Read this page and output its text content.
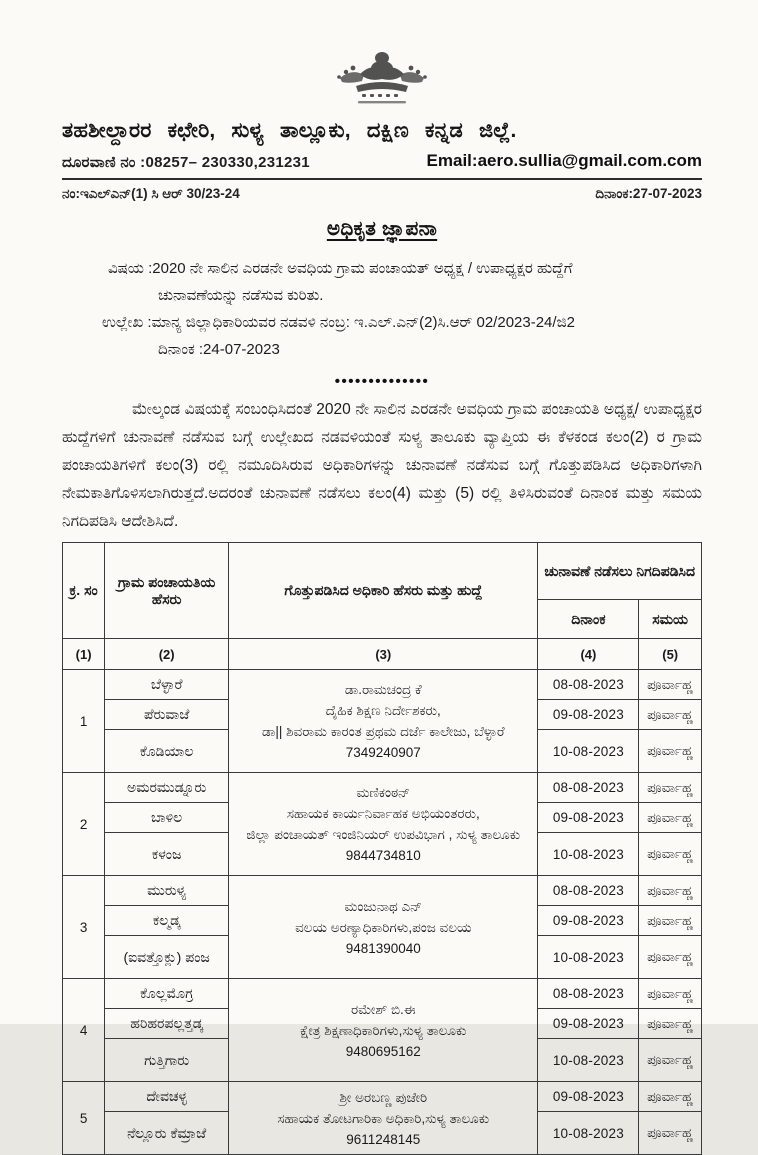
ತಹಶೀಲ್ದಾರರ ಕಛೇರಿ, ಸುಳ್ಯ ತಾಲ್ಲೂಕು, ದಕ್ಷಿಣ ಕನ್ನಡ ಜಿಲ್ಲೆ.
ದೂರವಾಣಿ ನಂ :08257– 230330,231231	Email:aero.sullia@gmail.com.com
ನಂ:ಇಎಲ್ಎನ್(1) ಸಿ ಆರ್ 30/23-24	ದಿನಾಂಕ:27-07-2023
ಅಧಿಕೃತ ಜ್ಞಾಪನಾ
ವಿಷಯ :2020 ನೇ ಸಾಲಿನ ಎರಡನೇ ಅವಧಿಯ ಗ್ರಾಮ ಪಂಚಾಯತ್ ಅಧ್ಯಕ್ಷ / ಉಪಾಧ್ಯಕ್ಷರ ಹುದ್ದೆಗೆ
ಚುನಾವಣೆಯನ್ನು ನಡೆಸುವ ಕುರಿತು.
ಉಲ್ಲೇಖ :ಮಾನ್ಯ ಜಿಲ್ಲಾಧಿಕಾರಿಯವರ ನಡವಳಿ ನಂಬ್ರ: ಇ.ಎಲ್.ಎನ್(2)ಸಿ.ಆರ್ 02/2023-24/ಜಿ2
ದಿನಾಂಕ :24-07-2023
••••••••••••••
ಮೇಲ್ಕಂಡ ವಿಷಯಕ್ಕೆ ಸಂಬಂಧಿಸಿದಂತೆ 2020 ನೇ ಸಾಲಿನ ಎರಡನೇ ಅವಧಿಯ ಗ್ರಾಮ ಪಂಚಾಯತಿ ಅಧ್ಯಕ್ಷ/ ಉಪಾಧ್ಯಕ್ಷರ ಹುದ್ದೆಗಳಿಗೆ ಚುನಾವಣೆ ನಡೆಸುವ ಬಗ್ಗೆ ಉಲ್ಲೇಖದ ನಡವಳಿಯಂತೆ ಸುಳ್ಯ ತಾಲೂಕು ವ್ಯಾಪ್ತಿಯ ಈ ಕೆಳಕಂಡ ಕಲಂ(2) ರ ಗ್ರಾಮ ಪಂಚಾಯತಿಗಳಿಗೆ ಕಲಂ(3) ರಲ್ಲಿ ನಮೂದಿಸಿರುವ ಅಧಿಕಾರಿಗಳನ್ನು ಚುನಾವಣೆ ನಡೆಸುವ ಬಗ್ಗೆ ಗೊತ್ತುಪಡಿಸಿದ ಅಧಿಕಾರಿಗಳಾಗಿ ನೇಮಕಾತಿಗೊಳಿಸಲಾಗಿರುತ್ತದೆ.ಅದರಂತೆ ಚುನಾವಣೆ ನಡೆಸಲು ಕಲಂ(4) ಮತ್ತು (5) ರಲ್ಲಿ ತಿಳಿಸಿರುವಂತೆ ದಿನಾಂಕ ಮತ್ತು ಸಮಯ ನಿಗದಿಪಡಿಸಿ ಆದೇಶಿಸಿದೆ.
ಕ್ರ. ಸಂ	ಗ್ರಾಮ ಪಂಚಾಯತಿಯ ಹೆಸರು	ಗೊತ್ತುಪಡಿಸಿದ ಅಧಿಕಾರಿ ಹೆಸರು ಮತ್ತು ಹುದ್ದೆ	ಚುನಾವಣೆ ನಡೆಸಲು ನಿಗದಿಪಡಿಸಿದ	
			ದಿನಾಂಕ	ಸಮಯ
(1)	(2)	(3)	(4)	(5)
1	ಬೆಳ್ಳಾರೆ	ಡಾ.ರಾಮಚಂದ್ರ ಕೆ
ದೈಹಿಕ ಶಿಕ್ಷಣ ನಿರ್ದೇಶಕರು,
ಡಾ|| ಶಿವರಾಮ ಕಾರಂತ ಪ್ರಥಮ ದರ್ಜೆ ಕಾಲೇಜು, ಬೆಳ್ಳಾರೆ
7349240907	08-08-2023	ಪೂರ್ವಾಹ್ಣ
	ಪೆರುವಾಜೆ		09-08-2023	ಪೂರ್ವಾಹ್ಣ
	ಕೊಡಿಯಾಲ		10-08-2023	ಪೂರ್ವಾಹ್ಣ
2	ಅಮರಮುಡ್ನೂರು	ಮಣಿಕಂಠನ್
ಸಹಾಯಕ ಕಾರ್ಯನಿರ್ವಾಹಕ ಅಭಿಯಂತರರು,
ಜಿಲ್ಲಾ ಪಂಚಾಯತ್ ಇಂಜಿನಿಯರ್ ಉಪವಿಭಾಗ , ಸುಳ್ಯ ತಾಲೂಕು
9844734810	08-08-2023	ಪೂರ್ವಾಹ್ಣ
	ಬಾಳಿಲ		09-08-2023	ಪೂರ್ವಾಹ್ಣ
	ಕಳಂಜ		10-08-2023	ಪೂರ್ವಾಹ್ಣ
3	ಮುರುಳ್ಯ	ಮಂಜುನಾಥ ಎನ್
ವಲಯ ಅರಣ್ಯಾಧಿಕಾರಿಗಳು,ಪಂಜ ವಲಯ
9481390040	08-08-2023	ಪೂರ್ವಾಹ್ಣ
	ಕಲ್ಮಡ್ಕ		09-08-2023	ಪೂರ್ವಾಹ್ಣ
	(ಐವತ್ತೊಕ್ಲು) ಪಂಜ		10-08-2023	ಪೂರ್ವಾಹ್ಣ
4	ಕೊಲ್ಲಮೊಗ್ರ	ರಮೇಶ್ ಬಿ.ಈ
ಕ್ಷೇತ್ರ ಶಿಕ್ಷಣಾಧಿಕಾರಿಗಳು,ಸುಳ್ಯ ತಾಲೂಕು
9480695162	08-08-2023	ಪೂರ್ವಾಹ್ಣ
	ಹರಿಹರಪಲ್ಲತ್ತಡ್ಕ		09-08-2023	ಪೂರ್ವಾಹ್ಣ
	ಗುತ್ತಿಗಾರು		10-08-2023	ಪೂರ್ವಾಹ್ಣ
5	ದೇವಚಳ್ಳ	ಶ್ರೀ ಅರಬಣ್ಣ ಪುಜೇರಿ
ಸಹಾಯಕ ತೋಟಗಾರಿಕಾ ಅಧಿಕಾರಿ,ಸುಳ್ಯ ತಾಲೂಕು
9611248145	09-08-2023	ಪೂರ್ವಾಹ್ಣ
	ನೆಲ್ಲೂರು ಕೆಮ್ರಾಜೆ		10-08-2023	ಪೂರ್ವಾಹ್ಣ
